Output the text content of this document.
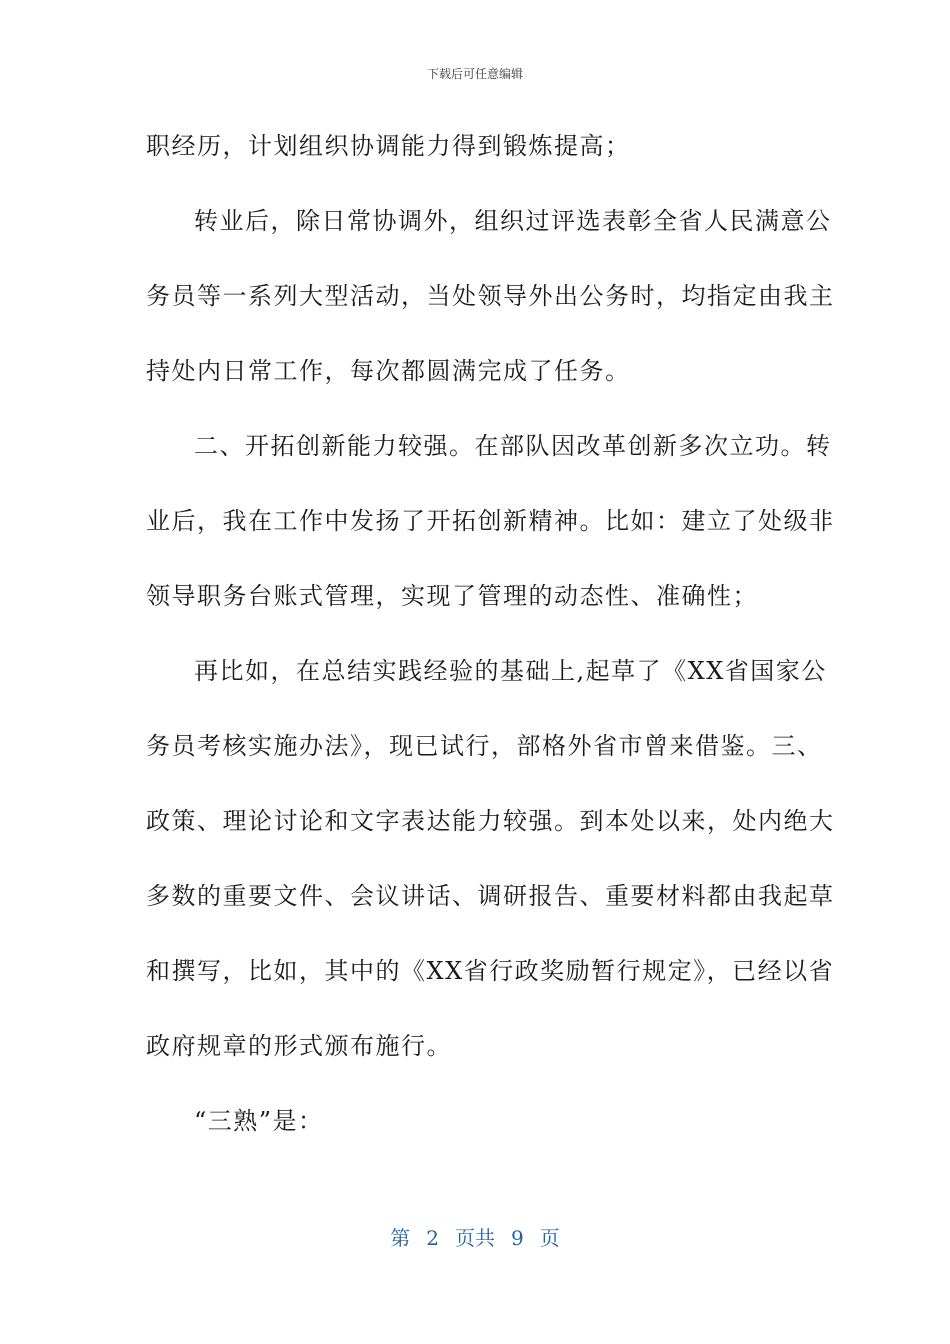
下载后可任意编辑
职经历，计划组织协调能力得到锻炼提高；
转业后，除日常协调外，组织过评选表彰全省人民满意公
务员等一系列大型活动，当处领导外出公务时，均指定由我主
持处内日常工作，每次都圆满完成了任务。
二、开拓创新能力较强。在部队因改革创新多次立功。转
业后，我在工作中发扬了开拓创新精神。比如：建立了处级非
领导职务台账式管理，实现了管理的动态性、准确性；
再比如，在总结实践经验的基础上,起草了《XX省国家公
务员考核实施办法》，现已试行，部格外省市曾来借鉴。三、
政策、理论讨论和文字表达能力较强。到本处以来，处内绝大
多数的重要文件、会议讲话、调研报告、重要材料都由我起草
和撰写，比如，其中的《XX省行政奖励暂行规定》，已经以省
政府规章的形式颁布施行。
“三熟”是：
第 2 页共 9 页
